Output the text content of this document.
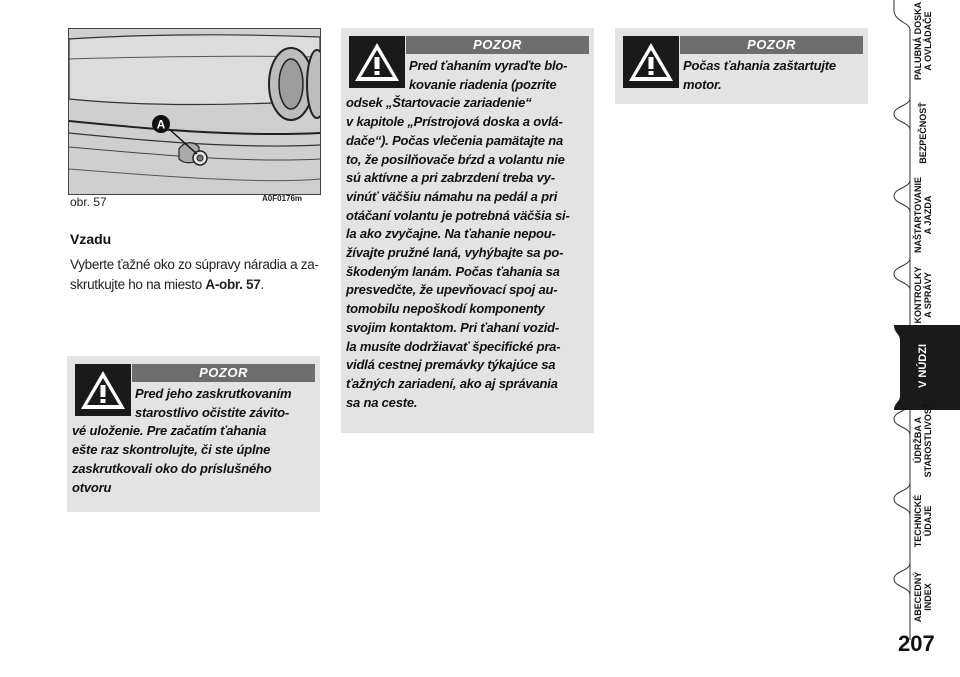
A
obr. 57	A0F0176m
Vzadu
Vyberte ťažné oko zo súpravy náradia a za-
skrutkujte ho na miesto A-obr. 57.
POZOR
Pred ťahaním vyraďte blo-
kovanie riadenia (pozrite
odsek „Štartovacie zariadenie“
v kapitole „Prístrojová doska a ovlá-
dače“). Počas vlečenia pamätajte na
to, že posilňovače bŕzd a volantu nie
sú aktívne a pri zabrzdení treba vy-
vinúť väčšiu námahu na pedál a pri
otáčaní volantu je potrebná väčšia si-
la ako zvyčajne. Na ťahanie nepou-
žívajte pružné laná, vyhýbajte sa po-
škodeným lanám. Počas ťahania sa
presvedčte, že upevňovací spoj au-
tomobilu nepoškodí komponenty
svojim kontaktom. Pri ťahaní vozid-
la musíte dodržiavať špecifické pra-
vidlá cestnej premávky týkajúce sa
ťažných zariadení, ako aj správania
sa na ceste.
POZOR
Počas ťahania zaštartujte
motor.
POZOR
Pred jeho zaskrutkovaním
starostlivo očistite závito-
vé uloženie. Pre začatím ťahania
ešte raz skontrolujte, či ste úplne
zaskrutkovali oko do príslušného
otvoru
PALUBNÁ DOSKA
A OVLÁDAČE
BEZPEČNOSŤ
NAŠTARTOVANIE
A JAZDA
KONTROLKY
A SPRÁVY
V NÚDZI
ÚDRŽBA A
STAROSTLIVOSŤ
TECHNICKÉ
ÚDAJE
ABECEDNÝ
INDEX
207
